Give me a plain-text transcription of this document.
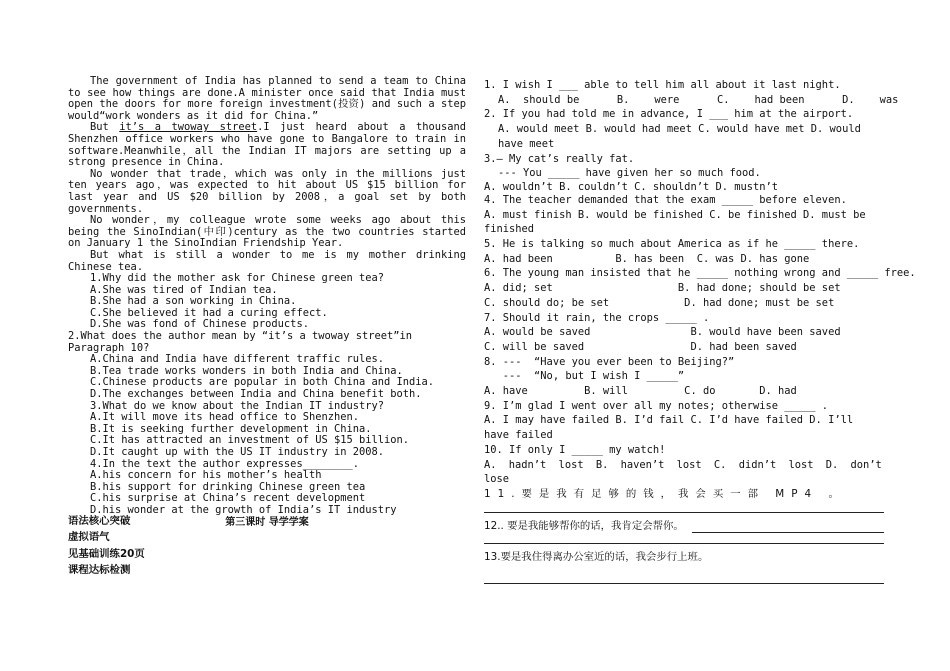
The government of India has planned to send a team to China to see how things are done.A minister once said that India must open the doors for more foreign investment(投资) and such a step would“work wonders as it did for China.”

But it’s a twoway street.I just heard about a thousand Shenzhen office workers who have gone to Bangalore to train in software.Meanwhile，all the Indian IT majors are setting up a strong presence in China.

No wonder that trade，which was only in the millions just ten years ago，was expected to hit about US $15 billion for last year and US $20 billion by 2008，a goal set by both governments.

No wonder，my colleague wrote some weeks ago about this being the SinoIndian(中印)century as the two countries started on January 1 the SinoIndian Friendship Year.

But what is still a wonder to me is my mother drinking Chinese tea.

1.Why did the mother ask for Chinese green tea?

A.She was tired of Indian tea.

B.She had a son working in China.

C.She believed it had a curing effect.

D.She was fond of Chinese products.

2.What does the author mean by “it’s a twoway street”in Paragraph 10?

A.China and India have different traffic rules.

B.Tea trade works wonders in both India and China.

C.Chinese products are popular in both China and India.

D.The exchanges between India and China benefit both.

3.What do we know about the Indian IT industry?

A.It will move its head office to Shenzhen.

B.It is seeking further development in China.

C.It has attracted an investment of US $15 billion.

D.It caught up with the US IT industry in 2008.

4.In the text the author expresses________.

A.his concern for his mother’s health

B.his support for drinking Chinese green tea

C.his surprise at China’s recent development

D.his wonder at the growth of India’s IT industry

第三课时 导学学案

语法核心突破
虚拟语气
见基础训练20页
课程达标检测

1. I wish I ___ able to tell him all about it last night.

A.  should be      B.    were      C.    had been      D.    was

2. If you had told me in advance, I ___ him at the airport.

A. would meet B. would had meet C. would have met D. would have meet

3.— My cat’s really fat.

--- You _____ have given her so much food.

A. wouldn’t B. couldn’t C. shouldn’t D. mustn’t

4. The teacher demanded that the exam _____ before eleven.

A. must finish B. would be finished C. be finished D. must be finished

5. He is talking so much about America as if he _____ there.

A. had been          B. has been  C. was D. has gone

6. The young man insisted that he _____ nothing wrong and _____ free.

A. did; set                    B. had done; should be set

C. should do; be set            D. had done; must be set

7. Should it rain, the crops _____ .

A. would be saved                B. would have been saved

C. will be saved                 D. had been saved

8. ---  “Have you ever been to Beijing?”

---  “No, but I wish I _____”

A. have         B. will         C. do       D. had

9. I’m glad I went over all my notes; otherwise _____ .

A. I may have failed B. I’d fail C. I’d have failed D. I’ll have failed

10. If only I _____ my watch!

A. hadn’t lost B. haven’t lost C. didn’t lost D. don’t lose

11.要是我有足够的钱，我会买一部 MP4 。

12.. 要是我能够帮你的话，我肯定会帮你。

13.要是我住得离办公室近的话，我会步行上班。
